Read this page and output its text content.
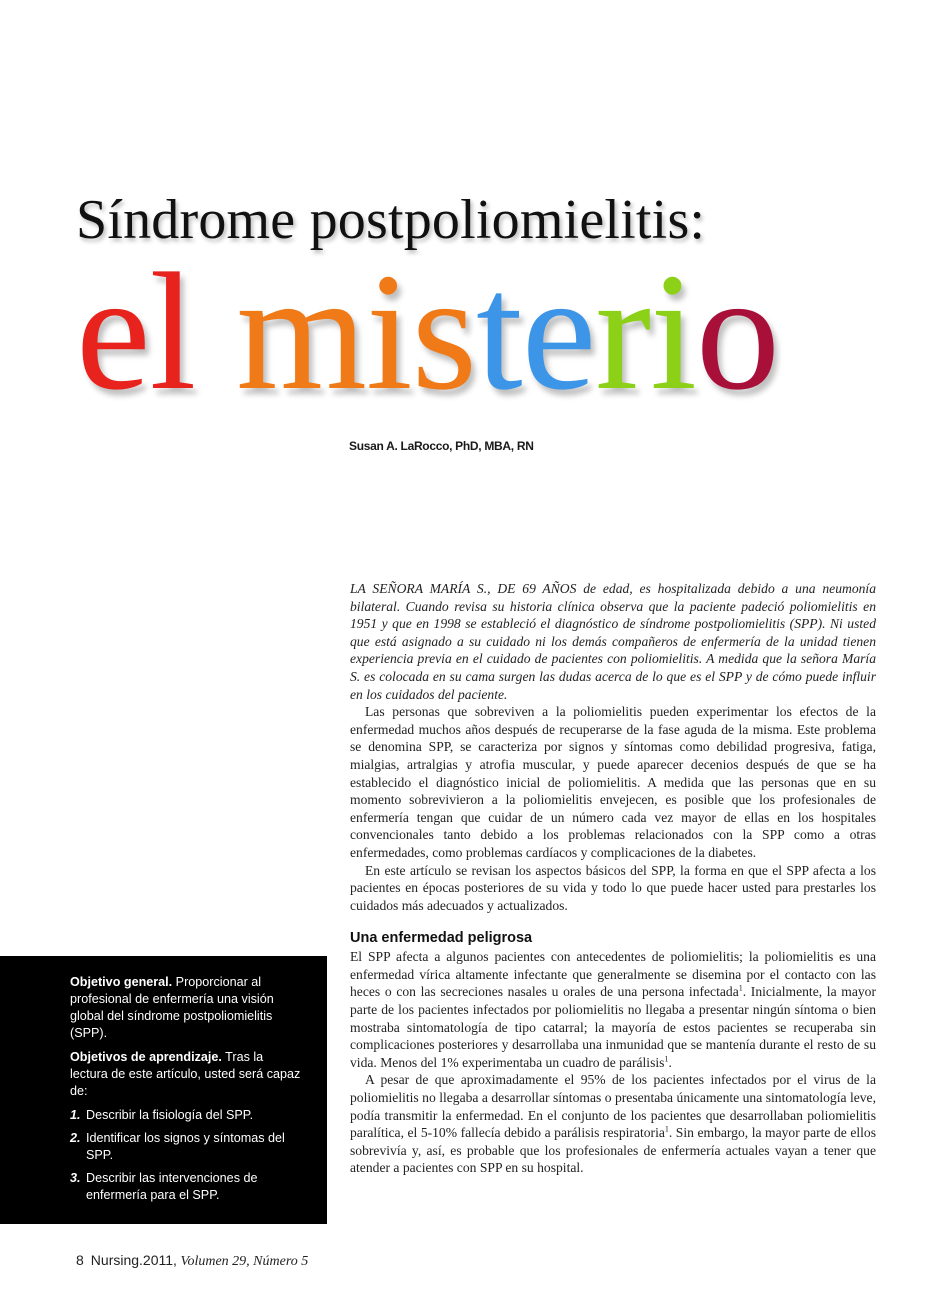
Síndrome postpoliomielitis:
el misterio
Susan A. LaRocco, PhD, MBA, RN

LA SEÑORA MARÍA S., DE 69 AÑOS de edad, es hospitalizada debido a una neumonía bilateral. Cuando revisa su historia clínica observa que la paciente padeció poliomielitis en 1951 y que en 1998 se estableció el diagnóstico de síndrome postpoliomielitis (SPP). Ni usted que está asignado a su cuidado ni los demás compañeros de enfermería de la unidad tienen experiencia previa en el cuidado de pacientes con poliomielitis. A medida que la señora María S. es colocada en su cama surgen las dudas acerca de lo que es el SPP y de cómo puede influir en los cuidados del paciente.

Las personas que sobreviven a la poliomielitis pueden experimentar los efectos de la enfermedad muchos años después de recuperarse de la fase aguda de la misma. Este problema se denomina SPP, se caracteriza por signos y síntomas como debilidad progresiva, fatiga, mialgias, artralgias y atrofia muscular, y puede aparecer decenios después de que se ha establecido el diagnóstico inicial de poliomielitis. A medida que las personas que en su momento sobrevivieron a la poliomielitis envejecen, es posible que los profesionales de enfermería tengan que cuidar de un número cada vez mayor de ellas en los hospitales convencionales tanto debido a los problemas relacionados con la SPP como a otras enfermedades, como problemas cardíacos y complicaciones de la diabetes.

En este artículo se revisan los aspectos básicos del SPP, la forma en que el SPP afecta a los pacientes en épocas posteriores de su vida y todo lo que puede hacer usted para prestarles los cuidados más adecuados y actualizados.

Una enfermedad peligrosa

El SPP afecta a algunos pacientes con antecedentes de poliomielitis; la poliomielitis es una enfermedad vírica altamente infectante que generalmente se disemina por el contacto con las heces o con las secreciones nasales u orales de una persona infectada$^1$. Inicialmente, la mayor parte de los pacientes infectados por poliomielitis no llegaba a presentar ningún síntoma o bien mostraba sintomatología de tipo catarral; la mayoría de estos pacientes se recuperaba sin complicaciones posteriores y desarrollaba una inmunidad que se mantenía durante el resto de su vida. Menos del 1% experimentaba un cuadro de parálisis$^1$.

A pesar de que aproximadamente el 95% de los pacientes infectados por el virus de la poliomielitis no llegaba a desarrollar síntomas o presentaba únicamente una sintomatología leve, podía transmitir la enfermedad. En el conjunto de los pacientes que desarrollaban poliomielitis paralítica, el 5-10% fallecía debido a parálisis respiratoria$^1$. Sin embargo, la mayor parte de ellos sobrevivía y, así, es probable que los profesionales de enfermería actuales vayan a tener que atender a pacientes con SPP en su hospital.

Objetivo general. Proporcionar al profesional de enfermería una visión global del síndrome postpoliomielitis (SPP).

Objetivos de aprendizaje. Tras la lectura de este artículo, usted será capaz de:

1. Describir la fisiología del SPP.
2. Identificar los signos y síntomas del SPP.
3. Describir las intervenciones de enfermería para el SPP.
8 Nursing.2011, Volumen 29, Número 5
